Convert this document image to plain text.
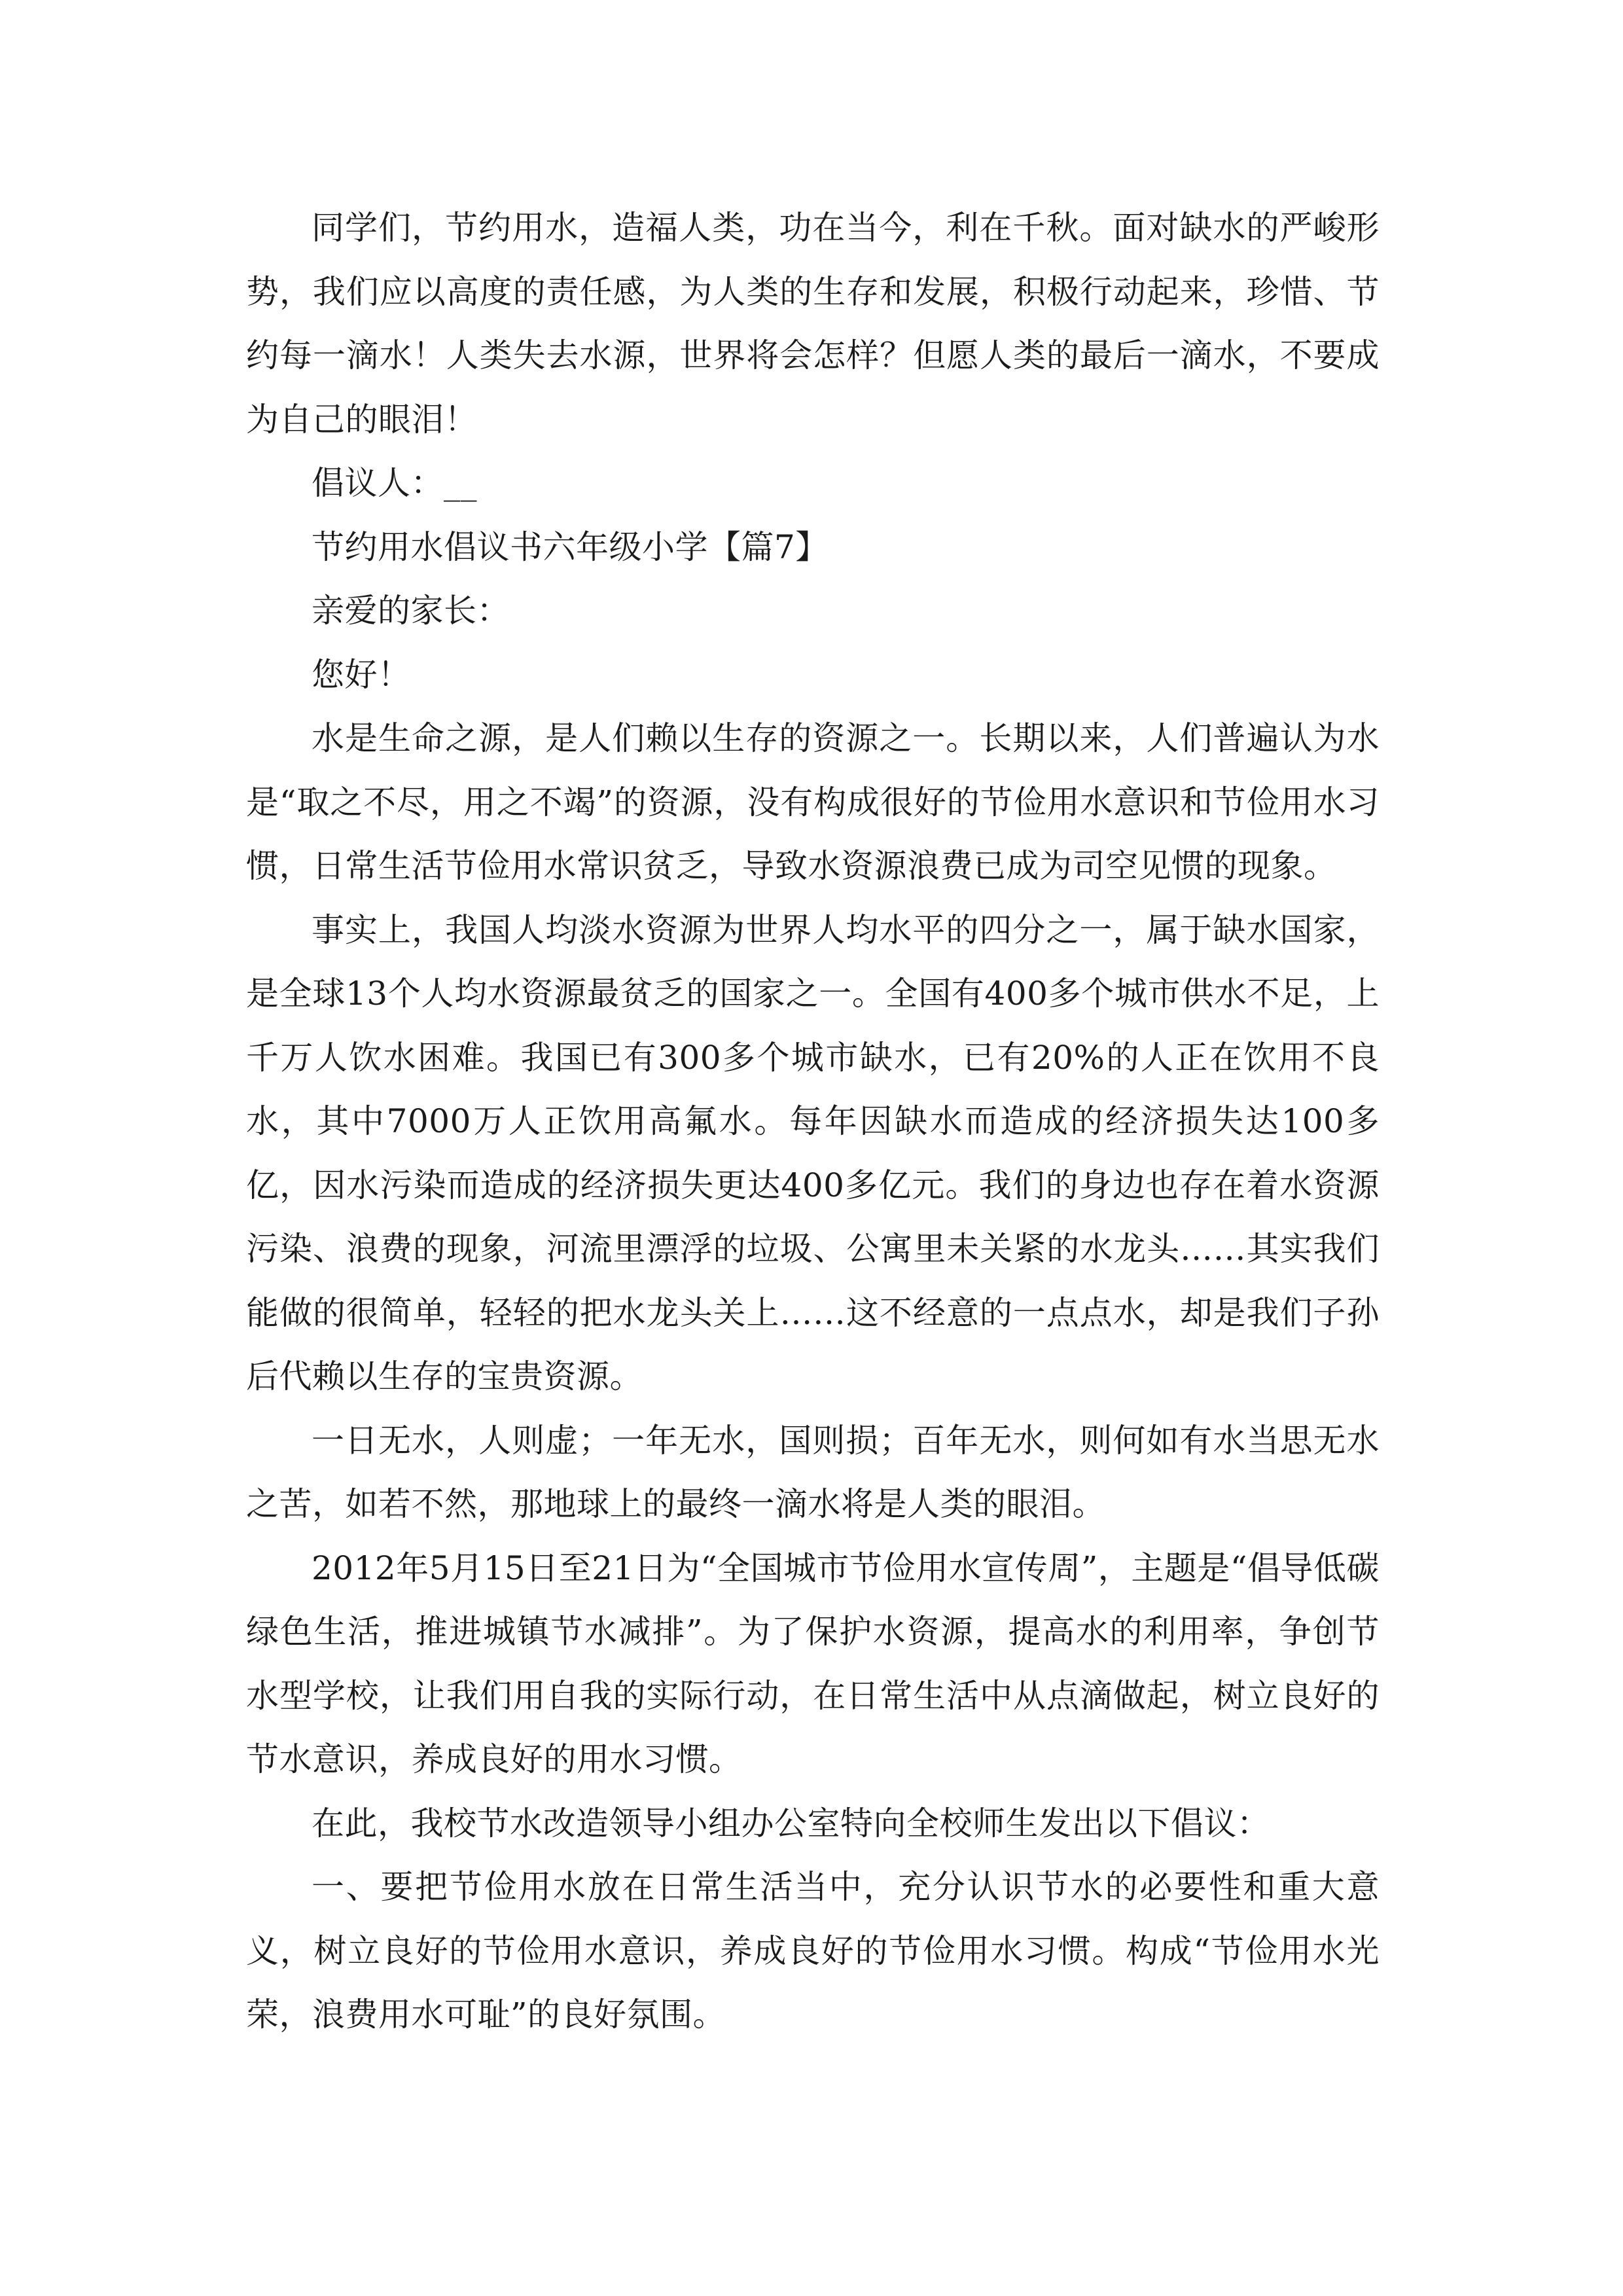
同学们，节约用水，造福人类，功在当今，利在千秋。面对缺水的严峻形势，我们应以高度的责任感，为人类的生存和发展，积极行动起来，珍惜、节约每一滴水！人类失去水源，世界将会怎样？但愿人类的最后一滴水，不要成为自己的眼泪！

倡议人：__

节约用水倡议书六年级小学【篇7】

亲爱的家长：

您好！

水是生命之源，是人们赖以生存的资源之一。长期以来，人们普遍认为水是“取之不尽，用之不竭”的资源，没有构成很好的节俭用水意识和节俭用水习惯，日常生活节俭用水常识贫乏，导致水资源浪费已成为司空见惯的现象。

事实上，我国人均淡水资源为世界人均水平的四分之一，属于缺水国家，是全球13个人均水资源最贫乏的国家之一。全国有400多个城市供水不足，上千万人饮水困难。我国已有300多个城市缺水，已有20%的人正在饮用不良水，其中7000万人正饮用高氟水。每年因缺水而造成的经济损失达100多亿，因水污染而造成的经济损失更达400多亿元。我们的身边也存在着水资源污染、浪费的现象，河流里漂浮的垃圾、公寓里未关紧的水龙头……其实我们能做的很简单，轻轻的把水龙头关上……这不经意的一点点水，却是我们子孙后代赖以生存的宝贵资源。

一日无水，人则虚；一年无水，国则损；百年无水，则何如有水当思无水之苦，如若不然，那地球上的最终一滴水将是人类的眼泪。

2012年5月15日至21日为“全国城市节俭用水宣传周”，主题是“倡导低碳绿色生活，推进城镇节水减排”。为了保护水资源，提高水的利用率，争创节水型学校，让我们用自我的实际行动，在日常生活中从点滴做起，树立良好的节水意识，养成良好的用水习惯。

在此，我校节水改造领导小组办公室特向全校师生发出以下倡议：

一、要把节俭用水放在日常生活当中，充分认识节水的必要性和重大意义，树立良好的节俭用水意识，养成良好的节俭用水习惯。构成“节俭用水光荣，浪费用水可耻”的良好氛围。
